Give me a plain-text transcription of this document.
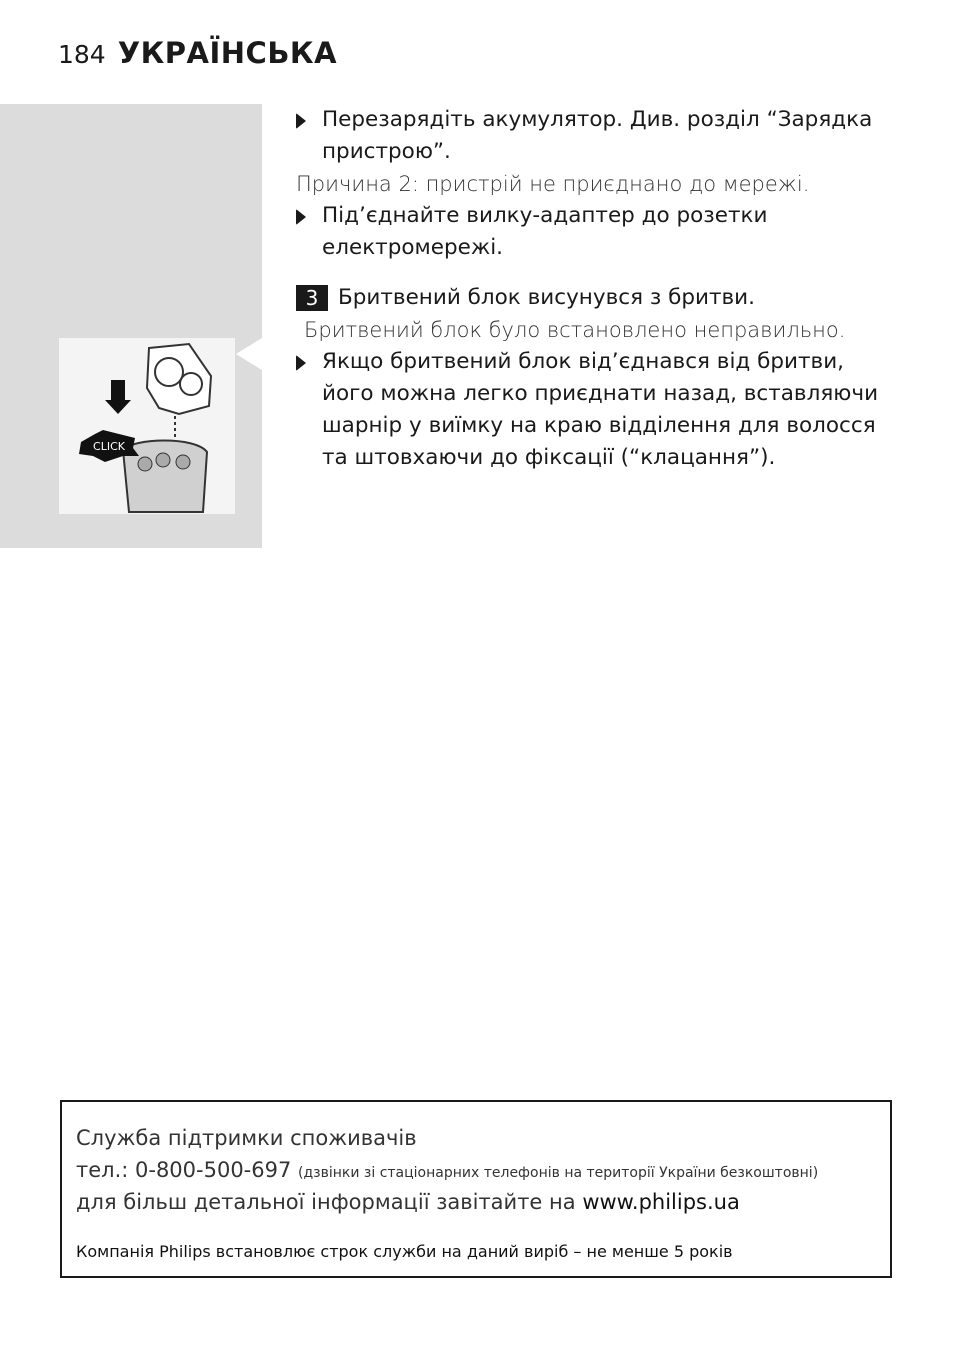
184 УКРАЇНСЬКА
CLICK
Перезарядіть акумулятор. Див. розділ “Зарядка пристрою”.
Причина 2: пристрій не приєднано до мережі.
Під’єднайте вилку-адаптер до розетки електромережі.
3 Бритвений блок висунувся з бритви.
Бритвений блок було встановлено неправильно.
Якщо бритвений блок від’єднався від бритви, його можна легко приєднати назад, вставляючи шарнір у виїмку на краю відділення для волосся та штовхаючи до фіксації (“клацання”).
Служба підтримки споживачів
тел.: 0-800-500-697 (дзвінки зі стаціонарних телефонів на території України безкоштовні)
для більш детальної інформації завітайте на www.philips.ua
Компанія Philips встановлює строк служби на даний виріб – не менше 5 років
